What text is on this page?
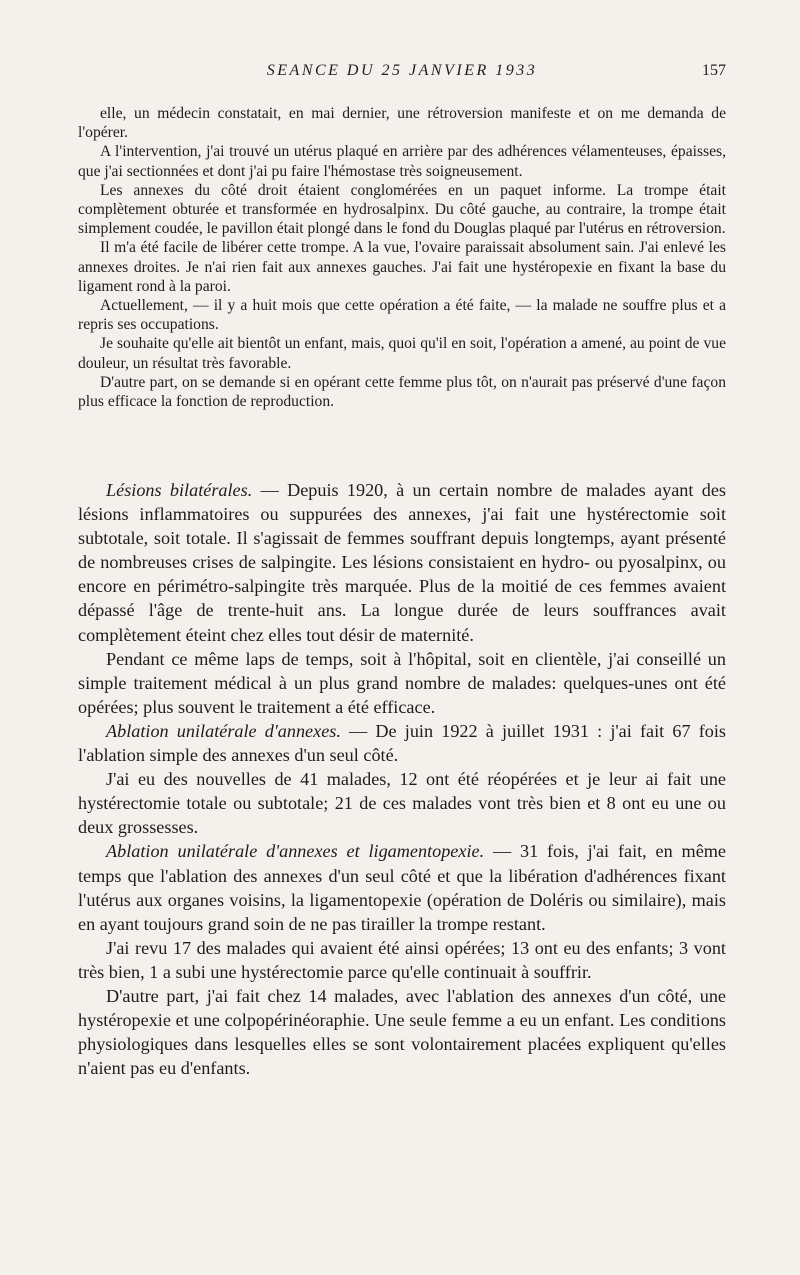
SEANCE DU 25 JANVIER 1933	157

elle, un médecin constatait, en mai dernier, une rétroversion manifeste et on me demanda de l'opérer.

A l'intervention, j'ai trouvé un utérus plaqué en arrière par des adhérences vélamenteuses, épaisses, que j'ai sectionnées et dont j'ai pu faire l'hémostase très soigneusement.

Les annexes du côté droit étaient conglomérées en un paquet informe. La trompe était complètement obturée et transformée en hydrosalpinx. Du côté gauche, au contraire, la trompe était simplement coudée, le pavillon était plongé dans le fond du Douglas plaqué par l'utérus en rétroversion.

Il m'a été facile de libérer cette trompe. A la vue, l'ovaire paraissait absolument sain. J'ai enlevé les annexes droites. Je n'ai rien fait aux annexes gauches. J'ai fait une hystéropexie en fixant la base du ligament rond à la paroi.

Actuellement, — il y a huit mois que cette opération a été faite, — la malade ne souffre plus et a repris ses occupations.

Je souhaite qu'elle ait bientôt un enfant, mais, quoi qu'il en soit, l'opération a amené, au point de vue douleur, un résultat très favorable.

D'autre part, on se demande si en opérant cette femme plus tôt, on n'aurait pas préservé d'une façon plus efficace la fonction de reproduction.

Lésions bilatérales. — Depuis 1920, à un certain nombre de malades ayant des lésions inflammatoires ou suppurées des annexes, j'ai fait une hystérectomie soit subtotale, soit totale. Il s'agissait de femmes souffrant depuis longtemps, ayant présenté de nombreuses crises de salpingite. Les lésions consistaient en hydro- ou pyosalpinx, ou encore en périmétro-salpingite très marquée. Plus de la moitié de ces femmes avaient dépassé l'âge de trente-huit ans. La longue durée de leurs souffrances avait complètement éteint chez elles tout désir de maternité.

Pendant ce même laps de temps, soit à l'hôpital, soit en clientèle, j'ai conseillé un simple traitement médical à un plus grand nombre de malades: quelques-unes ont été opérées; plus souvent le traitement a été efficace.

Ablation unilatérale d'annexes. — De juin 1922 à juillet 1931 : j'ai fait 67 fois l'ablation simple des annexes d'un seul côté.

J'ai eu des nouvelles de 41 malades, 12 ont été réopérées et je leur ai fait une hystérectomie totale ou subtotale; 21 de ces malades vont très bien et 8 ont eu une ou deux grossesses.

Ablation unilatérale d'annexes et ligamentopexie. — 31 fois, j'ai fait, en même temps que l'ablation des annexes d'un seul côté et que la libération d'adhérences fixant l'utérus aux organes voisins, la ligamentopexie (opération de Doléris ou similaire), mais en ayant toujours grand soin de ne pas tirailler la trompe restant.

J'ai revu 17 des malades qui avaient été ainsi opérées; 13 ont eu des enfants; 3 vont très bien, 1 a subi une hystérectomie parce qu'elle continuait à souffrir.

D'autre part, j'ai fait chez 14 malades, avec l'ablation des annexes d'un côté, une hystéropexie et une colpopérinéoraphie. Une seule femme a eu un enfant. Les conditions physiologiques dans lesquelles elles se sont volontairement placées expliquent qu'elles n'aient pas eu d'enfants.
